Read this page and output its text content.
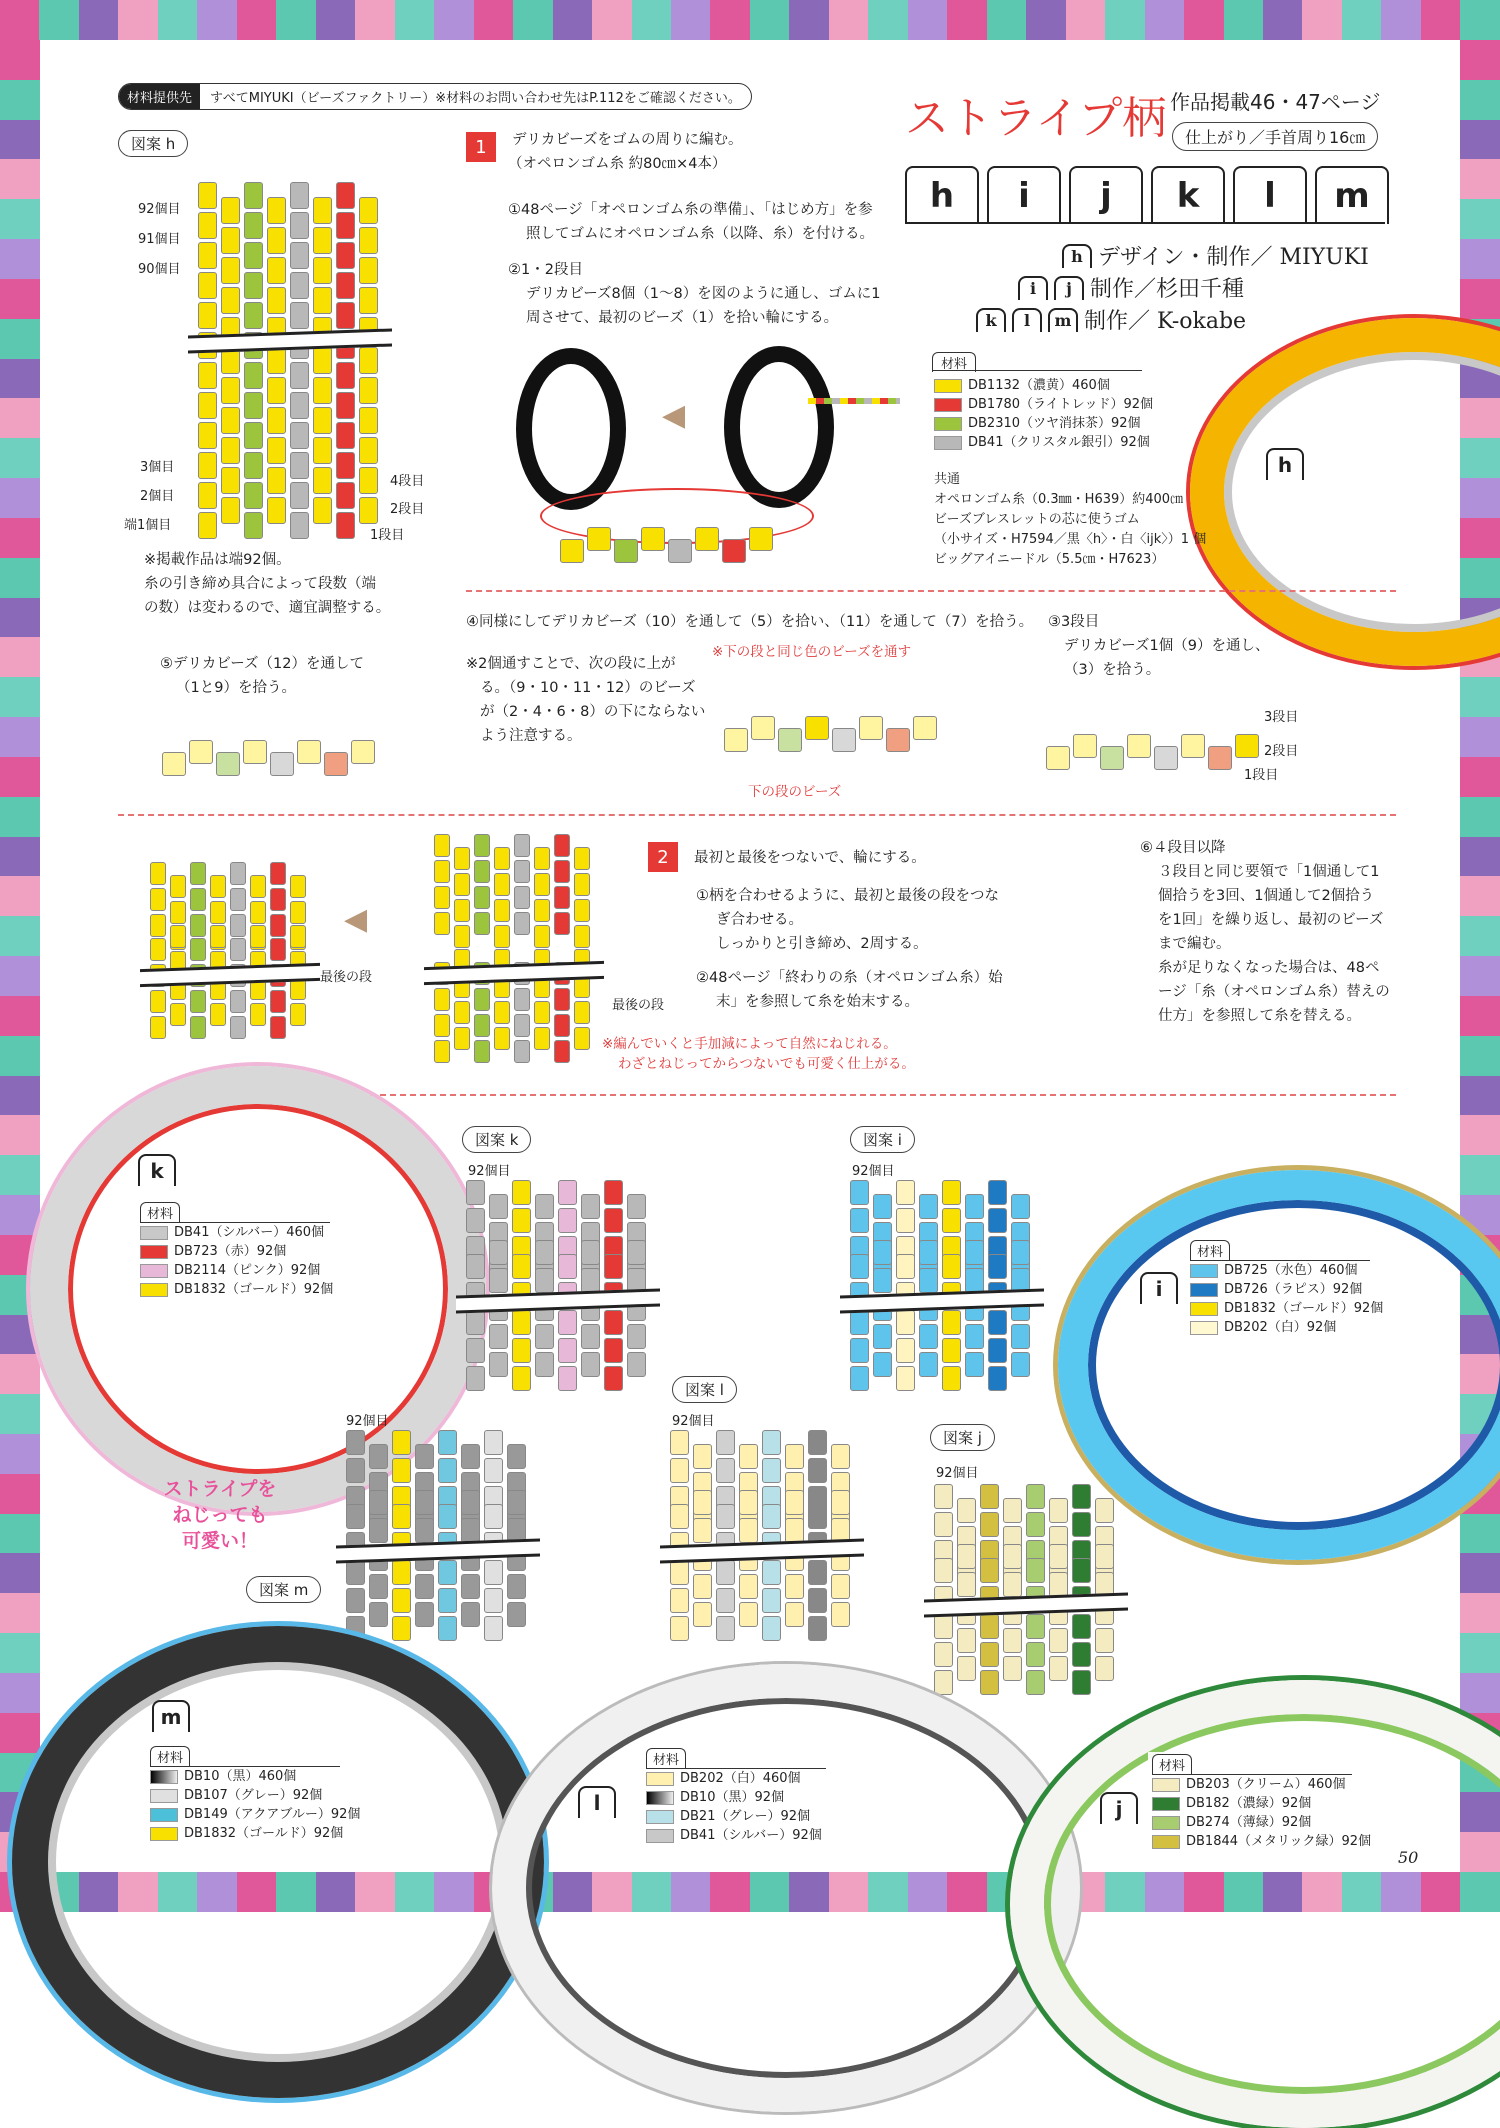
材料提供先	すべてMIYUKI（ビーズファクトリー）※材料のお問い合わせ先はP.112をご確認ください。	ストライプ柄 作品掲載46・47ページ
仕上がり／手首周り16㎝
h	i	j	k	l	m
h デザイン・制作／ MIYUKI
i	j 制作／杉田千種
k	l	m 制作／ K-okabe
h
図案 h
92個目
91個目
90個目
3個目
2個目
端1個目
4段目
2段目
1段目
※掲載作品は端92個。
糸の引き締め具合によって段数（端
の数）は変わるので、適宜調整する。
1	デリカビーズをゴムの周りに編む。
（オペロンゴム糸 約80㎝×4本）
①48ページ「オペロンゴム糸の準備」、「はじめ方」を参
照してゴムにオペロンゴム糸（以降、糸）を付ける。
②1・2段目
デリカビーズ8個（1〜8）を図のように通し、ゴムに1
周させて、最初のビーズ（1）を拾い輪にする。
◀
材料
DB1132（濃黄）460個
DB1780（ライトレッド）92個
DB2310（ツヤ消抹茶）92個
DB41（クリスタル銀引）92個
共通
オペロンゴム糸（0.3㎜・H639）約400㎝
ビーズブレスレットの芯に使うゴム
（小サイズ・H7594／黒〈h〉・白〈ijk〉）1 個
ビッグアイニードル（5.5㎝・H7623）
④同様にしてデリカビーズ（10）を通して（5）を拾い、（11）を通して（7）を拾う。
※2個通すことで、次の段に上が
る。（9・10・11・12）のビーズ
が（2・4・6・8）の下にならない
よう注意する。
※下の段と同じ色のビーズを通す
下の段のビーズ
③3段目
デリカビーズ1個（9）を通し、
（3）を拾う。
3段目
2段目
1段目
⑤デリカビーズ（12）を通して
（1と9）を拾う。
◀
最後の段
最後の段
※編んでいくと手加減によって自然にねじれる。
わざとねじってからつないでも可愛く仕上がる。
2	最初と最後をつないで、輪にする。
①柄を合わせるように、最初と最後の段をつな
ぎ合わせる。
しっかりと引き締め、2周する。
②48ページ「終わりの糸（オペロンゴム糸）始
末」を参照して糸を始末する。
⑥４段目以降
３段目と同じ要領で「1個通して1
個拾うを3回、1個通して2個拾う
を1回」を繰り返し、最初のビーズ
まで編む。
糸が足りなくなった場合は、48ペ
ージ「糸（オペロンゴム糸）替えの
仕方」を参照して糸を替える。
k
材料
DB41（シルバー）460個
DB723（赤）92個
DB2114（ピンク）92個
DB1832（ゴールド）92個
図案 k
92個目
図案 i
92個目
i
材料
DB725（水色）460個
DB726（ラピス）92個
DB1832（ゴールド）92個
DB202（白）92個
図案 l
92個目
92個目
図案 m
図案 j
92個目
ストライプを
ねじっても
可愛い！
m
材料
DB10（黒）460個
DB107（グレー）92個
DB149（アクアブルー）92個
DB1832（ゴールド）92個
l
材料
DB202（白）460個
DB10（黒）92個
DB21（グレー）92個
DB41（シルバー）92個
j
材料
DB203（クリーム）460個
DB182（濃緑）92個
DB274（薄緑）92個
DB1844（メタリック緑）92個
50
